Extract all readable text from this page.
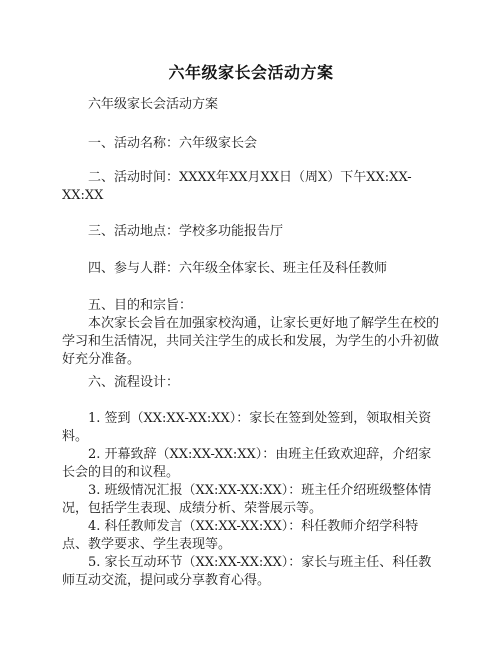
六年级家长会活动方案

六年级家长会活动方案

一、活动名称：六年级家长会

二、活动时间：XXXX年XX月XX日（周X）下午XX:XX-XX:XX

三、活动地点：学校多功能报告厅

四、参与人群：六年级全体家长、班主任及科任教师

五、目的和宗旨：

本次家长会旨在加强家校沟通，让家长更好地了解学生在校的学习和生活情况，共同关注学生的成长和发展，为学生的小升初做好充分准备。

六、流程设计：

1. 签到（XX:XX-XX:XX）：家长在签到处签到，领取相关资料。

2. 开幕致辞（XX:XX-XX:XX）：由班主任致欢迎辞，介绍家长会的目的和议程。

3. 班级情况汇报（XX:XX-XX:XX）：班主任介绍班级整体情况，包括学生表现、成绩分析、荣誉展示等。

4. 科任教师发言（XX:XX-XX:XX）：科任教师介绍学科特点、教学要求、学生表现等。

5. 家长互动环节（XX:XX-XX:XX）：家长与班主任、科任教师互动交流，提问或分享教育心得。
